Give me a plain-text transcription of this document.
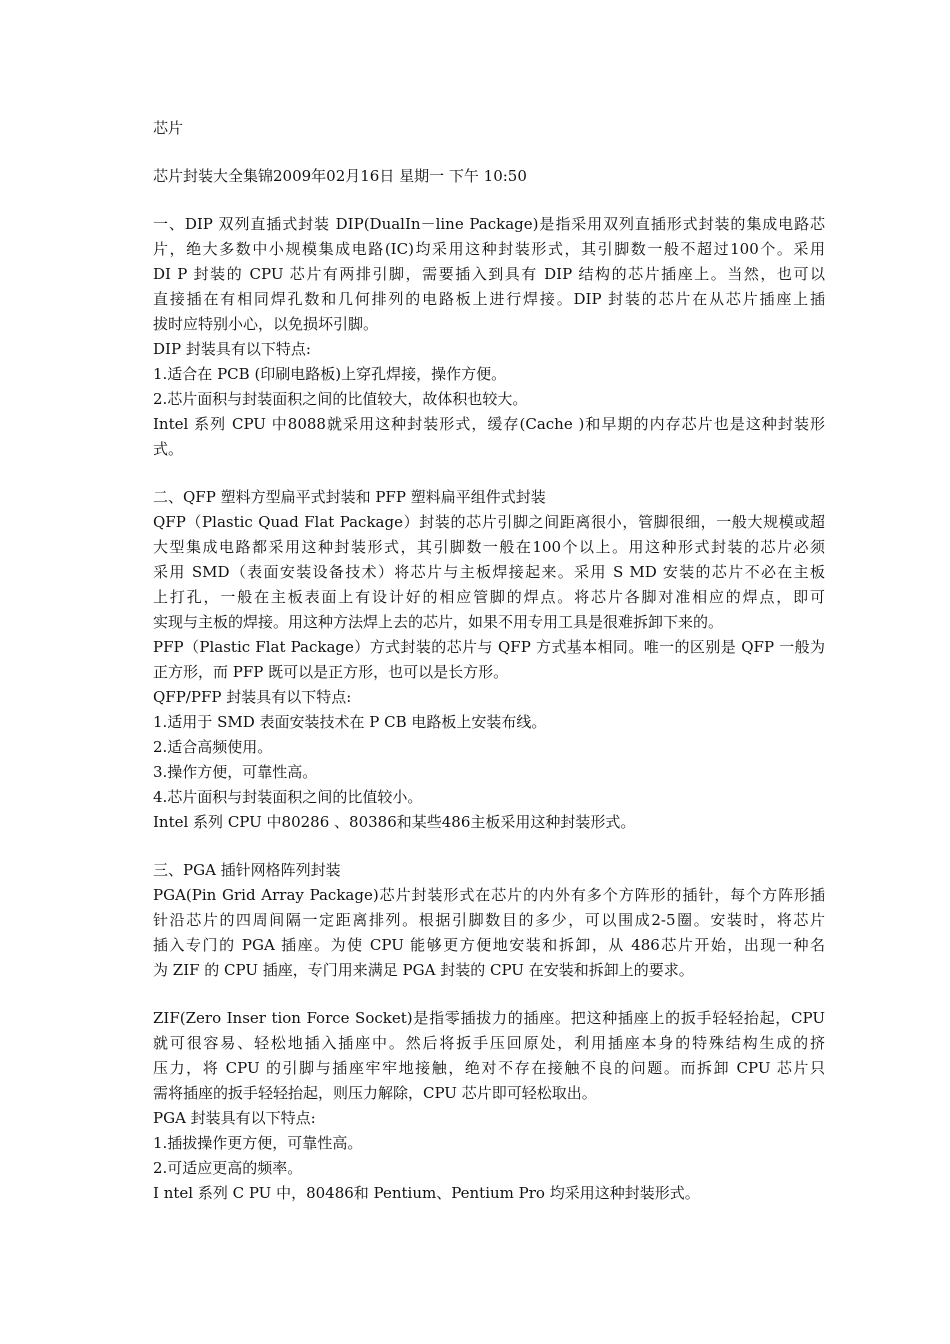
芯片
芯片封装大全集锦2009年02月16日 星期一 下午 10:50
一、DIP 双列直插式封装 DIP(DualIn－line Package)是指采用双列直插形式封装的集成电路芯
片，绝大多数中小规模集成电路(IC)均采用这种封装形式，其引脚数一般不超过100个。采用
DI P 封装的 CPU 芯片有两排引脚，需要插入到具有 DIP 结构的芯片插座上。当然，也可以
直接插在有相同焊孔数和几何排列的电路板上进行焊接。DIP 封装的芯片在从芯片插座上插
拔时应特别小心，以免损坏引脚。
DIP 封装具有以下特点:
1.适合在 PCB (印刷电路板)上穿孔焊接，操作方便。
2.芯片面积与封装面积之间的比值较大，故体积也较大。
Intel 系列 CPU 中8088就采用这种封装形式，缓存(Cache )和早期的内存芯片也是这种封装形
式。
二、QFP 塑料方型扁平式封装和 PFP 塑料扁平组件式封装
QFP（Plastic Quad Flat Package）封装的芯片引脚之间距离很小，管脚很细，一般大规模或超
大型集成电路都采用这种封装形式，其引脚数一般在100个以上。用这种形式封装的芯片必须
采用 SMD（表面安装设备技术）将芯片与主板焊接起来。采用 S MD 安装的芯片不必在主板
上打孔，一般在主板表面上有设计好的相应管脚的焊点。将芯片各脚对准相应的焊点，即可
实现与主板的焊接。用这种方法焊上去的芯片，如果不用专用工具是很难拆卸下来的。
PFP（Plastic Flat Package）方式封装的芯片与 QFP 方式基本相同。唯一的区别是 QFP 一般为
正方形，而 PFP 既可以是正方形，也可以是长方形。
QFP/PFP 封装具有以下特点:
1.适用于 SMD 表面安装技术在 P CB 电路板上安装布线。
2.适合高频使用。
3.操作方便，可靠性高。
4.芯片面积与封装面积之间的比值较小。
Intel 系列 CPU 中80286 、80386和某些486主板采用这种封装形式。
三、PGA 插针网格阵列封装
PGA(Pin Grid Array Package)芯片封装形式在芯片的内外有多个方阵形的插针，每个方阵形插
针沿芯片的四周间隔一定距离排列。根据引脚数目的多少，可以围成2-5圈。安装时，将芯片
插入专门的 PGA 插座。为使 CPU 能够更方便地安装和拆卸，从 486芯片开始，出现一种名
为 ZIF 的 CPU 插座，专门用来满足 PGA 封装的 CPU 在安装和拆卸上的要求。
ZIF(Zero Inser tion Force Socket)是指零插拔力的插座。把这种插座上的扳手轻轻抬起，CPU
就可很容易、轻松地插入插座中。然后将扳手压回原处，利用插座本身的特殊结构生成的挤
压力，将 CPU 的引脚与插座牢牢地接触，绝对不存在接触不良的问题。而拆卸 CPU 芯片只
需将插座的扳手轻轻抬起，则压力解除，CPU 芯片即可轻松取出。
PGA 封装具有以下特点:
1.插拔操作更方便，可靠性高。
2.可适应更高的频率。
I ntel 系列 C PU 中，80486和 Pentium、Pentium Pro 均采用这种封装形式。
